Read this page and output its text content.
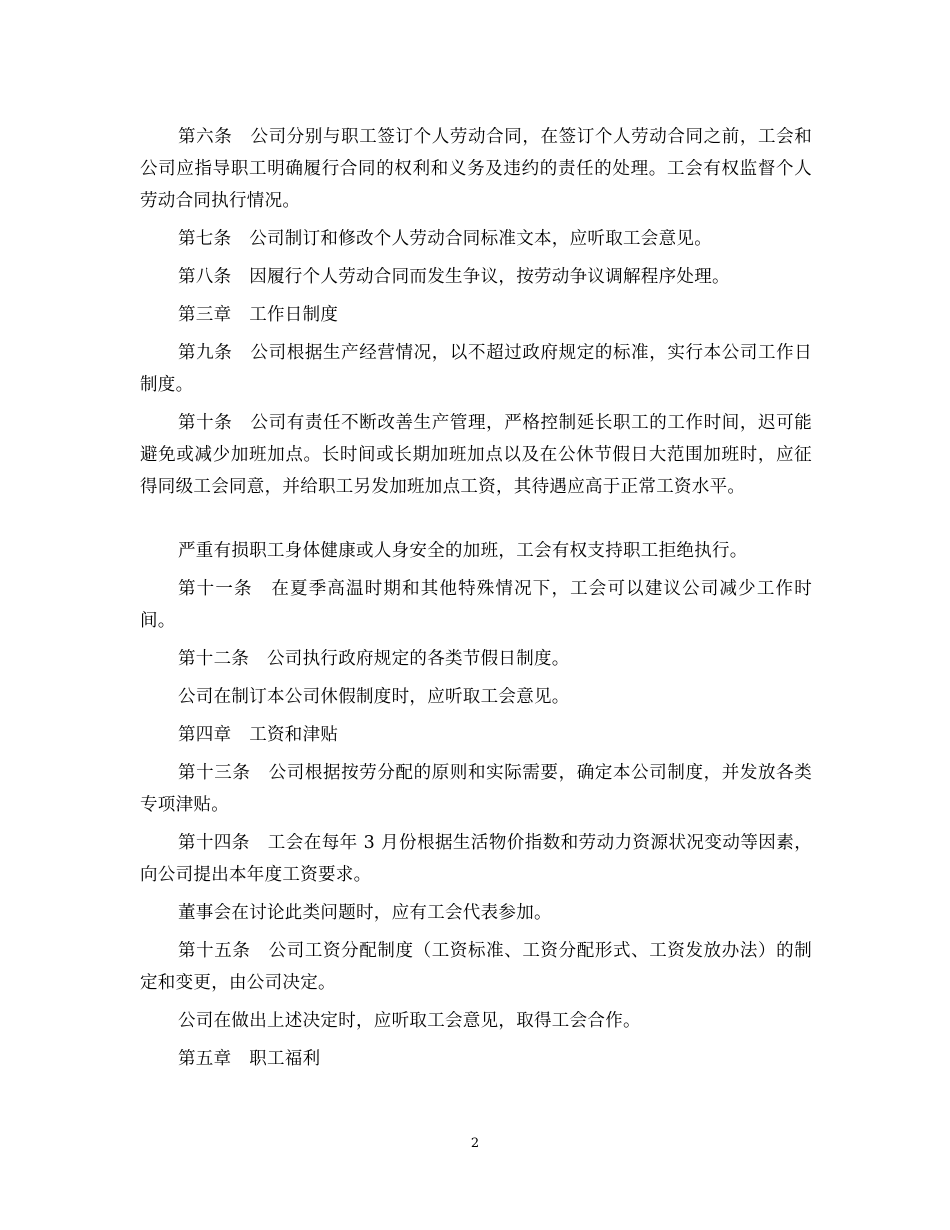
第六条　公司分别与职工签订个人劳动合同，在签订个人劳动合同之前，工会和公司应指导职工明确履行合同的权利和义务及违约的责任的处理。工会有权监督个人劳动合同执行情况。

第七条　公司制订和修改个人劳动合同标准文本，应听取工会意见。

第八条　因履行个人劳动合同而发生争议，按劳动争议调解程序处理。

第三章　工作日制度

第九条　公司根据生产经营情况，以不超过政府规定的标准，实行本公司工作日制度。

第十条　公司有责任不断改善生产管理，严格控制延长职工的工作时间，迟可能避免或减少加班加点。长时间或长期加班加点以及在公休节假日大范围加班时，应征得同级工会同意，并给职工另发加班加点工资，其待遇应高于正常工资水平。

严重有损职工身体健康或人身安全的加班，工会有权支持职工拒绝执行。

第十一条　在夏季高温时期和其他特殊情况下，工会可以建议公司减少工作时间。

第十二条　公司执行政府规定的各类节假日制度。

公司在制订本公司休假制度时，应听取工会意见。

第四章　工资和津贴

第十三条　公司根据按劳分配的原则和实际需要，确定本公司制度，并发放各类专项津贴。

第十四条　工会在每年 3 月份根据生活物价指数和劳动力资源状况变动等因素，向公司提出本年度工资要求。

董事会在讨论此类问题时，应有工会代表参加。

第十五条　公司工资分配制度（工资标准、工资分配形式、工资发放办法）的制定和变更，由公司决定。

公司在做出上述决定时，应听取工会意见，取得工会合作。

第五章　职工福利

2
